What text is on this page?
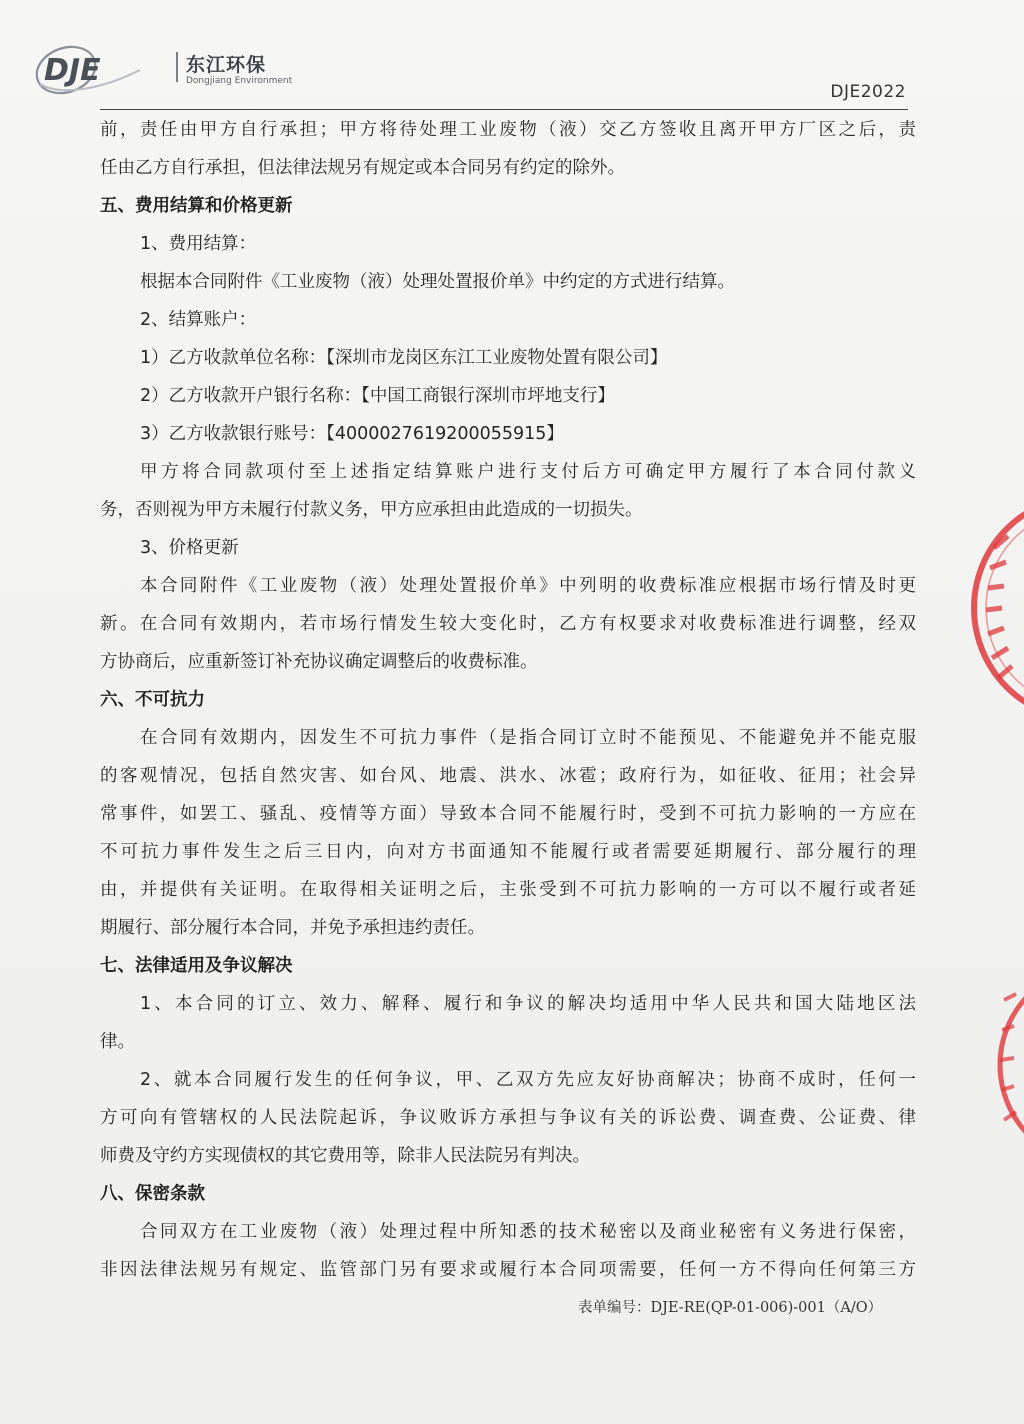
DJE	东江环保
Dongjiang Environment
DJE2022
前，责任由甲方自行承担；甲方将待处理工业废物（液）交乙方签收且离开甲方厂区之后，责
任由乙方自行承担，但法律法规另有规定或本合同另有约定的除外。
五、费用结算和价格更新
1、费用结算：
根据本合同附件《工业废物（液）处理处置报价单》中约定的方式进行结算。
2、结算账户：
1）乙方收款单位名称：【深圳市龙岗区东江工业废物处置有限公司】
2）乙方收款开户银行名称：【中国工商银行深圳市坪地支行】
3）乙方收款银行账号：【4000027619200055915】
甲方将合同款项付至上述指定结算账户进行支付后方可确定甲方履行了本合同付款义
务，否则视为甲方未履行付款义务，甲方应承担由此造成的一切损失。
3、价格更新
本合同附件《工业废物（液）处理处置报价单》中列明的收费标准应根据市场行情及时更
新。在合同有效期内，若市场行情发生较大变化时，乙方有权要求对收费标准进行调整，经双
方协商后，应重新签订补充协议确定调整后的收费标准。
六、不可抗力
在合同有效期内，因发生不可抗力事件（是指合同订立时不能预见、不能避免并不能克服
的客观情况，包括自然灾害、如台风、地震、洪水、冰雹；政府行为，如征收、征用；社会异
常事件，如罢工、骚乱、疫情等方面）导致本合同不能履行时，受到不可抗力影响的一方应在
不可抗力事件发生之后三日内，向对方书面通知不能履行或者需要延期履行、部分履行的理
由，并提供有关证明。在取得相关证明之后，主张受到不可抗力影响的一方可以不履行或者延
期履行、部分履行本合同，并免予承担违约责任。
七、法律适用及争议解决
1、本合同的订立、效力、解释、履行和争议的解决均适用中华人民共和国大陆地区法
律。
2、就本合同履行发生的任何争议，甲、乙双方先应友好协商解决；协商不成时，任何一
方可向有管辖权的人民法院起诉，争议败诉方承担与争议有关的诉讼费、调查费、公证费、律
师费及守约方实现债权的其它费用等，除非人民法院另有判决。
八、保密条款
合同双方在工业废物（液）处理过程中所知悉的技术秘密以及商业秘密有义务进行保密，
非因法律法规另有规定、监管部门另有要求或履行本合同项需要，任何一方不得向任何第三方
表单编号：DJE-RE(QP-01-006)-001（A/O）
